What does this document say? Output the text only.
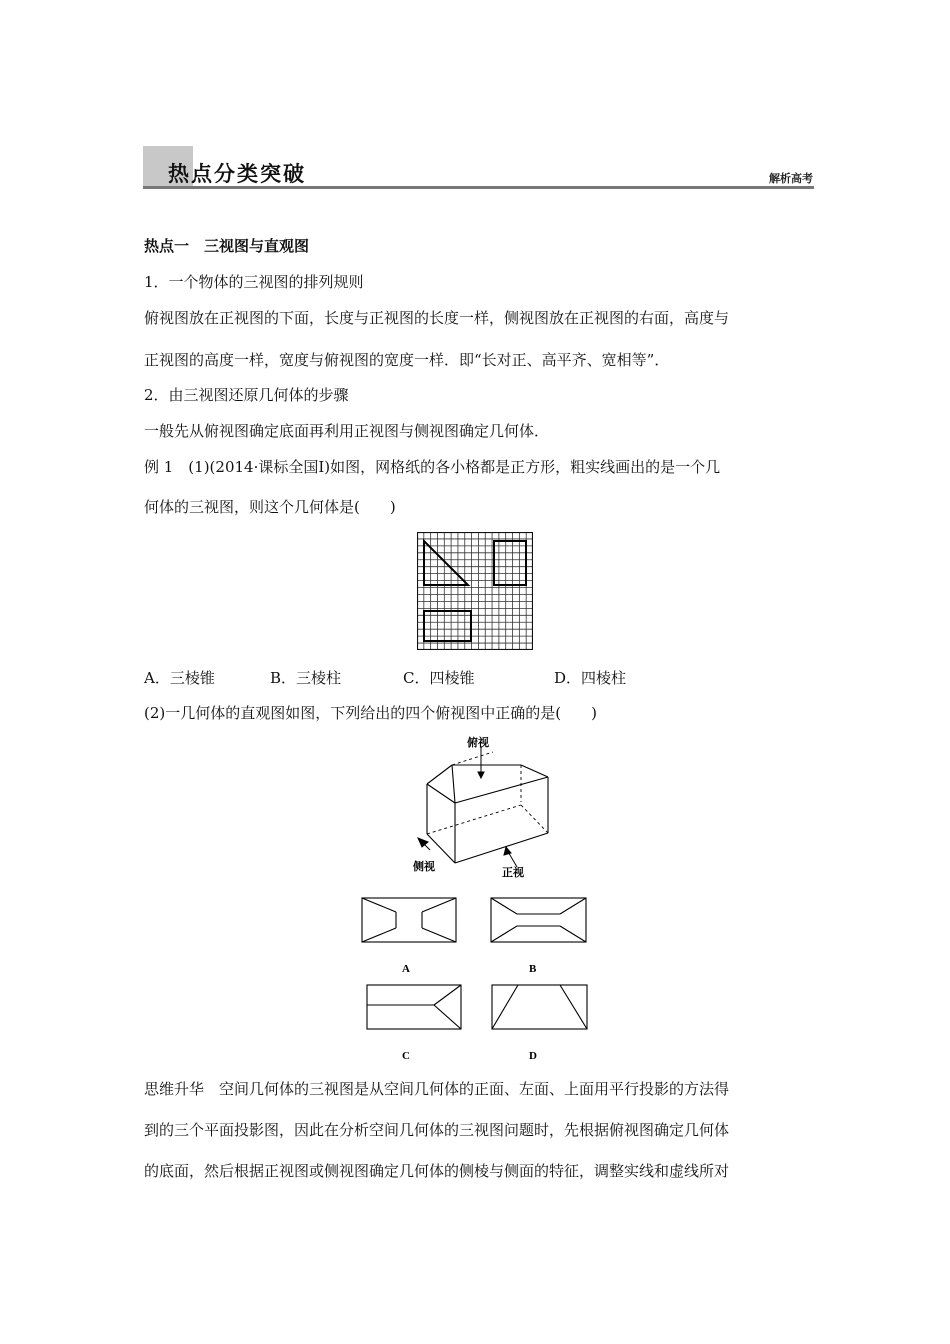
热点分类突破	解析高考
热点一　三视图与直观图
1．一个物体的三视图的排列规则
俯视图放在正视图的下面，长度与正视图的长度一样，侧视图放在正视图的右面，高度与
正视图的高度一样，宽度与俯视图的宽度一样．即“长对正、高平齐、宽相等”．
2．由三视图还原几何体的步骤
一般先从俯视图确定底面再利用正视图与侧视图确定几何体．
例 1　(1)(2014·课标全国Ⅰ)如图，网格纸的各小格都是正方形，粗实线画出的是一个几
何体的三视图，则这个几何体是(　　)
A．三棱锥	B．三棱柱	C．四棱锥	D．四棱柱
(2)一几何体的直观图如图，下列给出的四个俯视图中正确的是(　　)
俯视
侧视	正视
A	B
C	D
思维升华　空间几何体的三视图是从空间几何体的正面、左面、上面用平行投影的方法得
到的三个平面投影图，因此在分析空间几何体的三视图问题时，先根据俯视图确定几何体
的底面，然后根据正视图或侧视图确定几何体的侧棱与侧面的特征，调整实线和虚线所对
